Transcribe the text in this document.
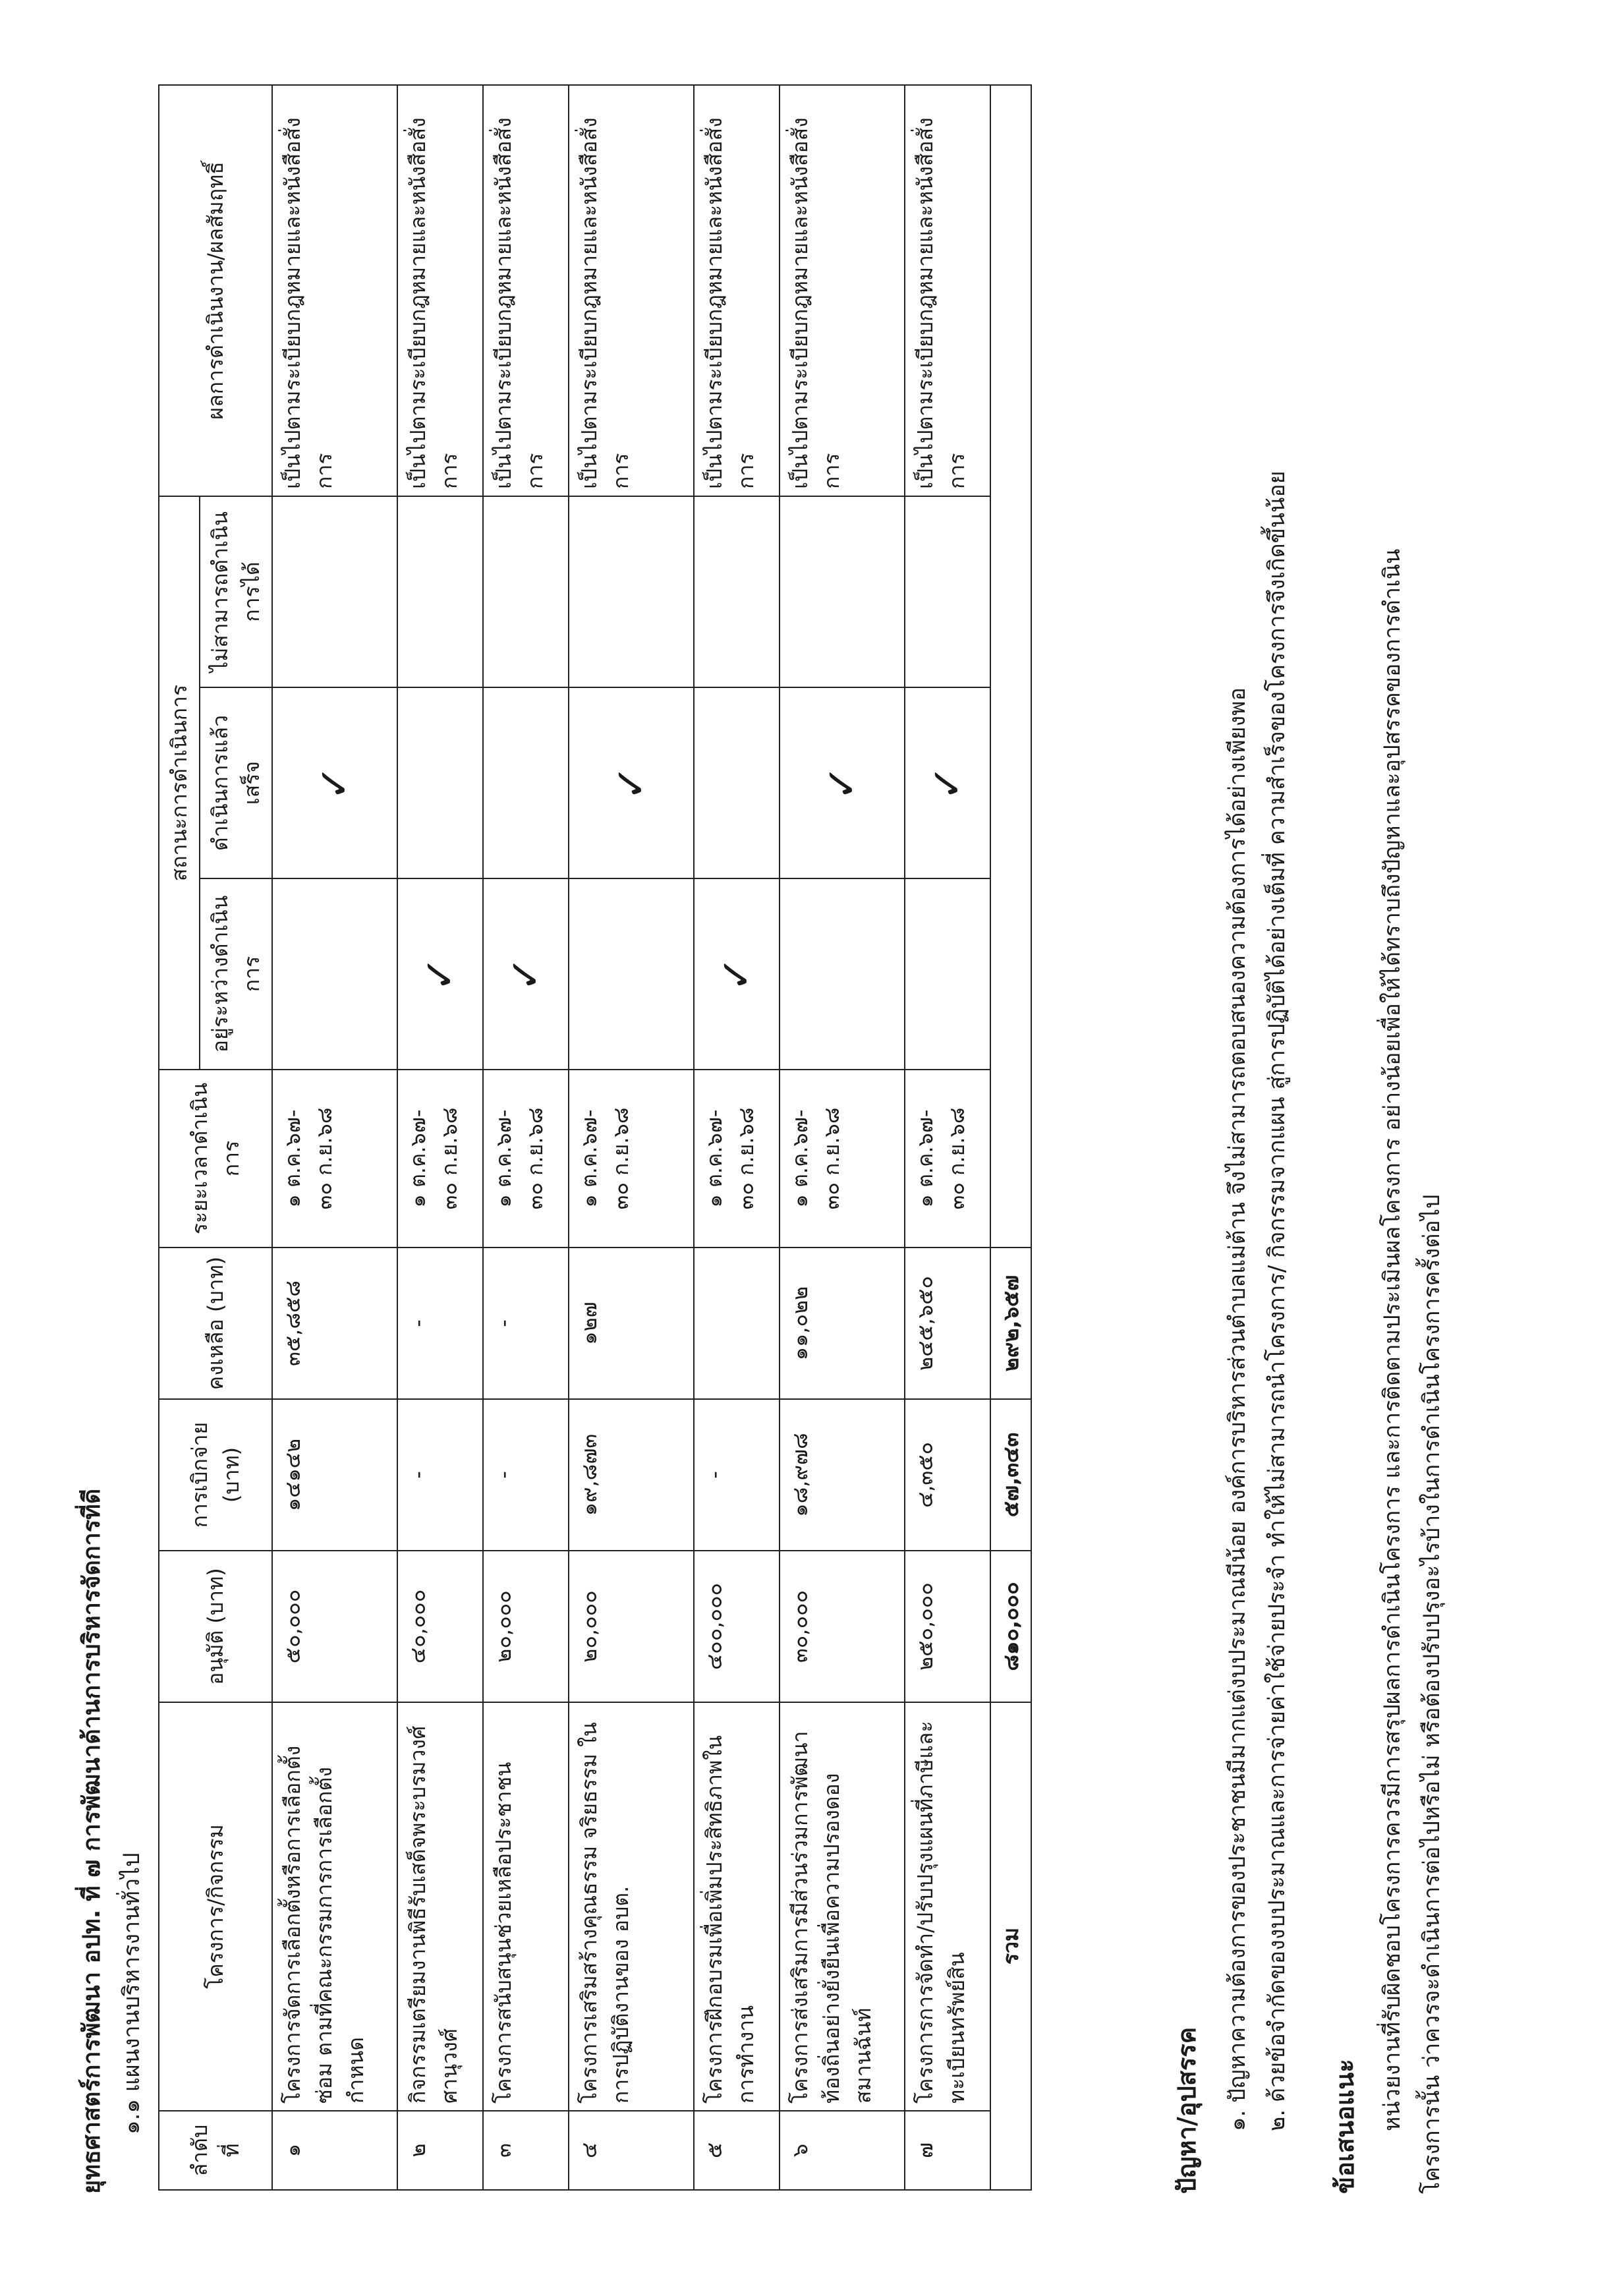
ยุทธศาสตร์การพัฒนา อปท. ที่ ๗ การพัฒนาด้านการบริหารจัดการที่ดี ๑.๑ แผนงานบริหารงานทั่วไป
ลำดับที่	โครงการ/กิจกรรม	อนุมัติ (บาท)	การเบิกจ่าย (บาท)	คงเหลือ (บาท)	ระยะเวลาดำเนินการ	สถานะการดำเนินการ			ผลการดำเนินงาน/ผลสัมฤทธิ์
						อยู่ระหว่างดำเนินการ	ดำเนินการแล้วเสร็จ	ไม่สามารถดำเนินการได้	
๑	โครงการจัดการเลือกตั้งหรือการเลือกตั้งซ่อม ตามที่คณะกรรมการการเลือกตั้งกำหนด	๕๐,๐๐๐	๑๔๑๔๒	๓๕,๘๕๘	๑ ต.ค.๖๗-
๓๐ ก.ย.๖๘		✓		เป็นไปตามระเบียบกฎหมายและหนังสือสั่งการ
๒	กิจกรรมเตรียมงานพิธีรับเสด็จพระบรมวงศ์ศานุวงศ์	๔๐,๐๐๐	-	-	๑ ต.ค.๖๗-
๓๐ ก.ย.๖๘	✓			เป็นไปตามระเบียบกฎหมายและหนังสือสั่งการ
๓	โครงการสนับสนุนช่วยเหลือประชาชน	๒๐,๐๐๐	-	-	๑ ต.ค.๖๗-
๓๐ ก.ย.๖๘	✓			เป็นไปตามระเบียบกฎหมายและหนังสือสั่งการ
๔	โครงการเสริมสร้างคุณธรรม จริยธรรม ในการปฏิบัติงานของ อบต.	๒๐,๐๐๐	๑๙,๘๗๓	๑๒๗	๑ ต.ค.๖๗-
๓๐ ก.ย.๖๘		✓		เป็นไปตามระเบียบกฎหมายและหนังสือสั่งการ
๕	โครงการฝึกอบรมเพื่อเพิ่มประสิทธิภาพในการทำงาน	๔๐๐,๐๐๐	-		๑ ต.ค.๖๗-
๓๐ ก.ย.๖๘	✓			เป็นไปตามระเบียบกฎหมายและหนังสือสั่งการ
๖	โครงการส่งเสริมการมีส่วนร่วมการพัฒนาท้องถิ่นอย่างยั่งยืนเพื่อความปรองดองสมานฉันท์	๓๐,๐๐๐	๑๘,๙๗๘	๑๑,๐๒๒	๑ ต.ค.๖๗-
๓๐ ก.ย.๖๘		✓		เป็นไปตามระเบียบกฎหมายและหนังสือสั่งการ
๗	โครงการการจัดทำ/ปรับปรุงแผนที่ภาษีและทะเบียนทรัพย์สิน	๒๕๐,๐๐๐	๔,๓๕๐	๒๔๕,๖๕๐	๑ ต.ค.๖๗-
๓๐ ก.ย.๖๘		✓		เป็นไปตามระเบียบกฎหมายและหนังสือสั่งการ
รวม		๘๑๐,๐๐๐	๕๗,๓๔๓	๒๙๒,๖๕๗					
ปัญหา/อุปสรรค ๑. ปัญหาความต้องการของประชาชนมีมากแต่งบประมาณมีน้อย องค์การบริหารส่วนตำบลแม่ต้าน จึงไม่สามารถตอบสนองความต้องการได้อย่างเพียงพอ ๒. ด้วยข้อจำกัดของงบประมาณและการจ่ายค่าใช้จ่ายประจำ ทำให้ไม่สามารถนำโครงการ/ กิจกรรมจากแผน สู่การปฏิบัติได้อย่างเต็มที่ ความสำเร็จของโครงการจึงเกิดขึ้นน้อย ข้อเสนอแนะ หน่วยงานที่รับผิดชอบโครงการควรมีการสรุปผลการดำเนินโครงการ และการติดตามประเมินผลโครงการ อย่างน้อยเพื่อให้ได้ทราบถึงปัญหาและอุปสรรคของการดำเนิน โครงการนั้น ว่าควรจะดำเนินการต่อไปหรือไม่ หรือต้องปรับปรุงอะไรบ้างในการดำเนินโครงการครั้งต่อไป
